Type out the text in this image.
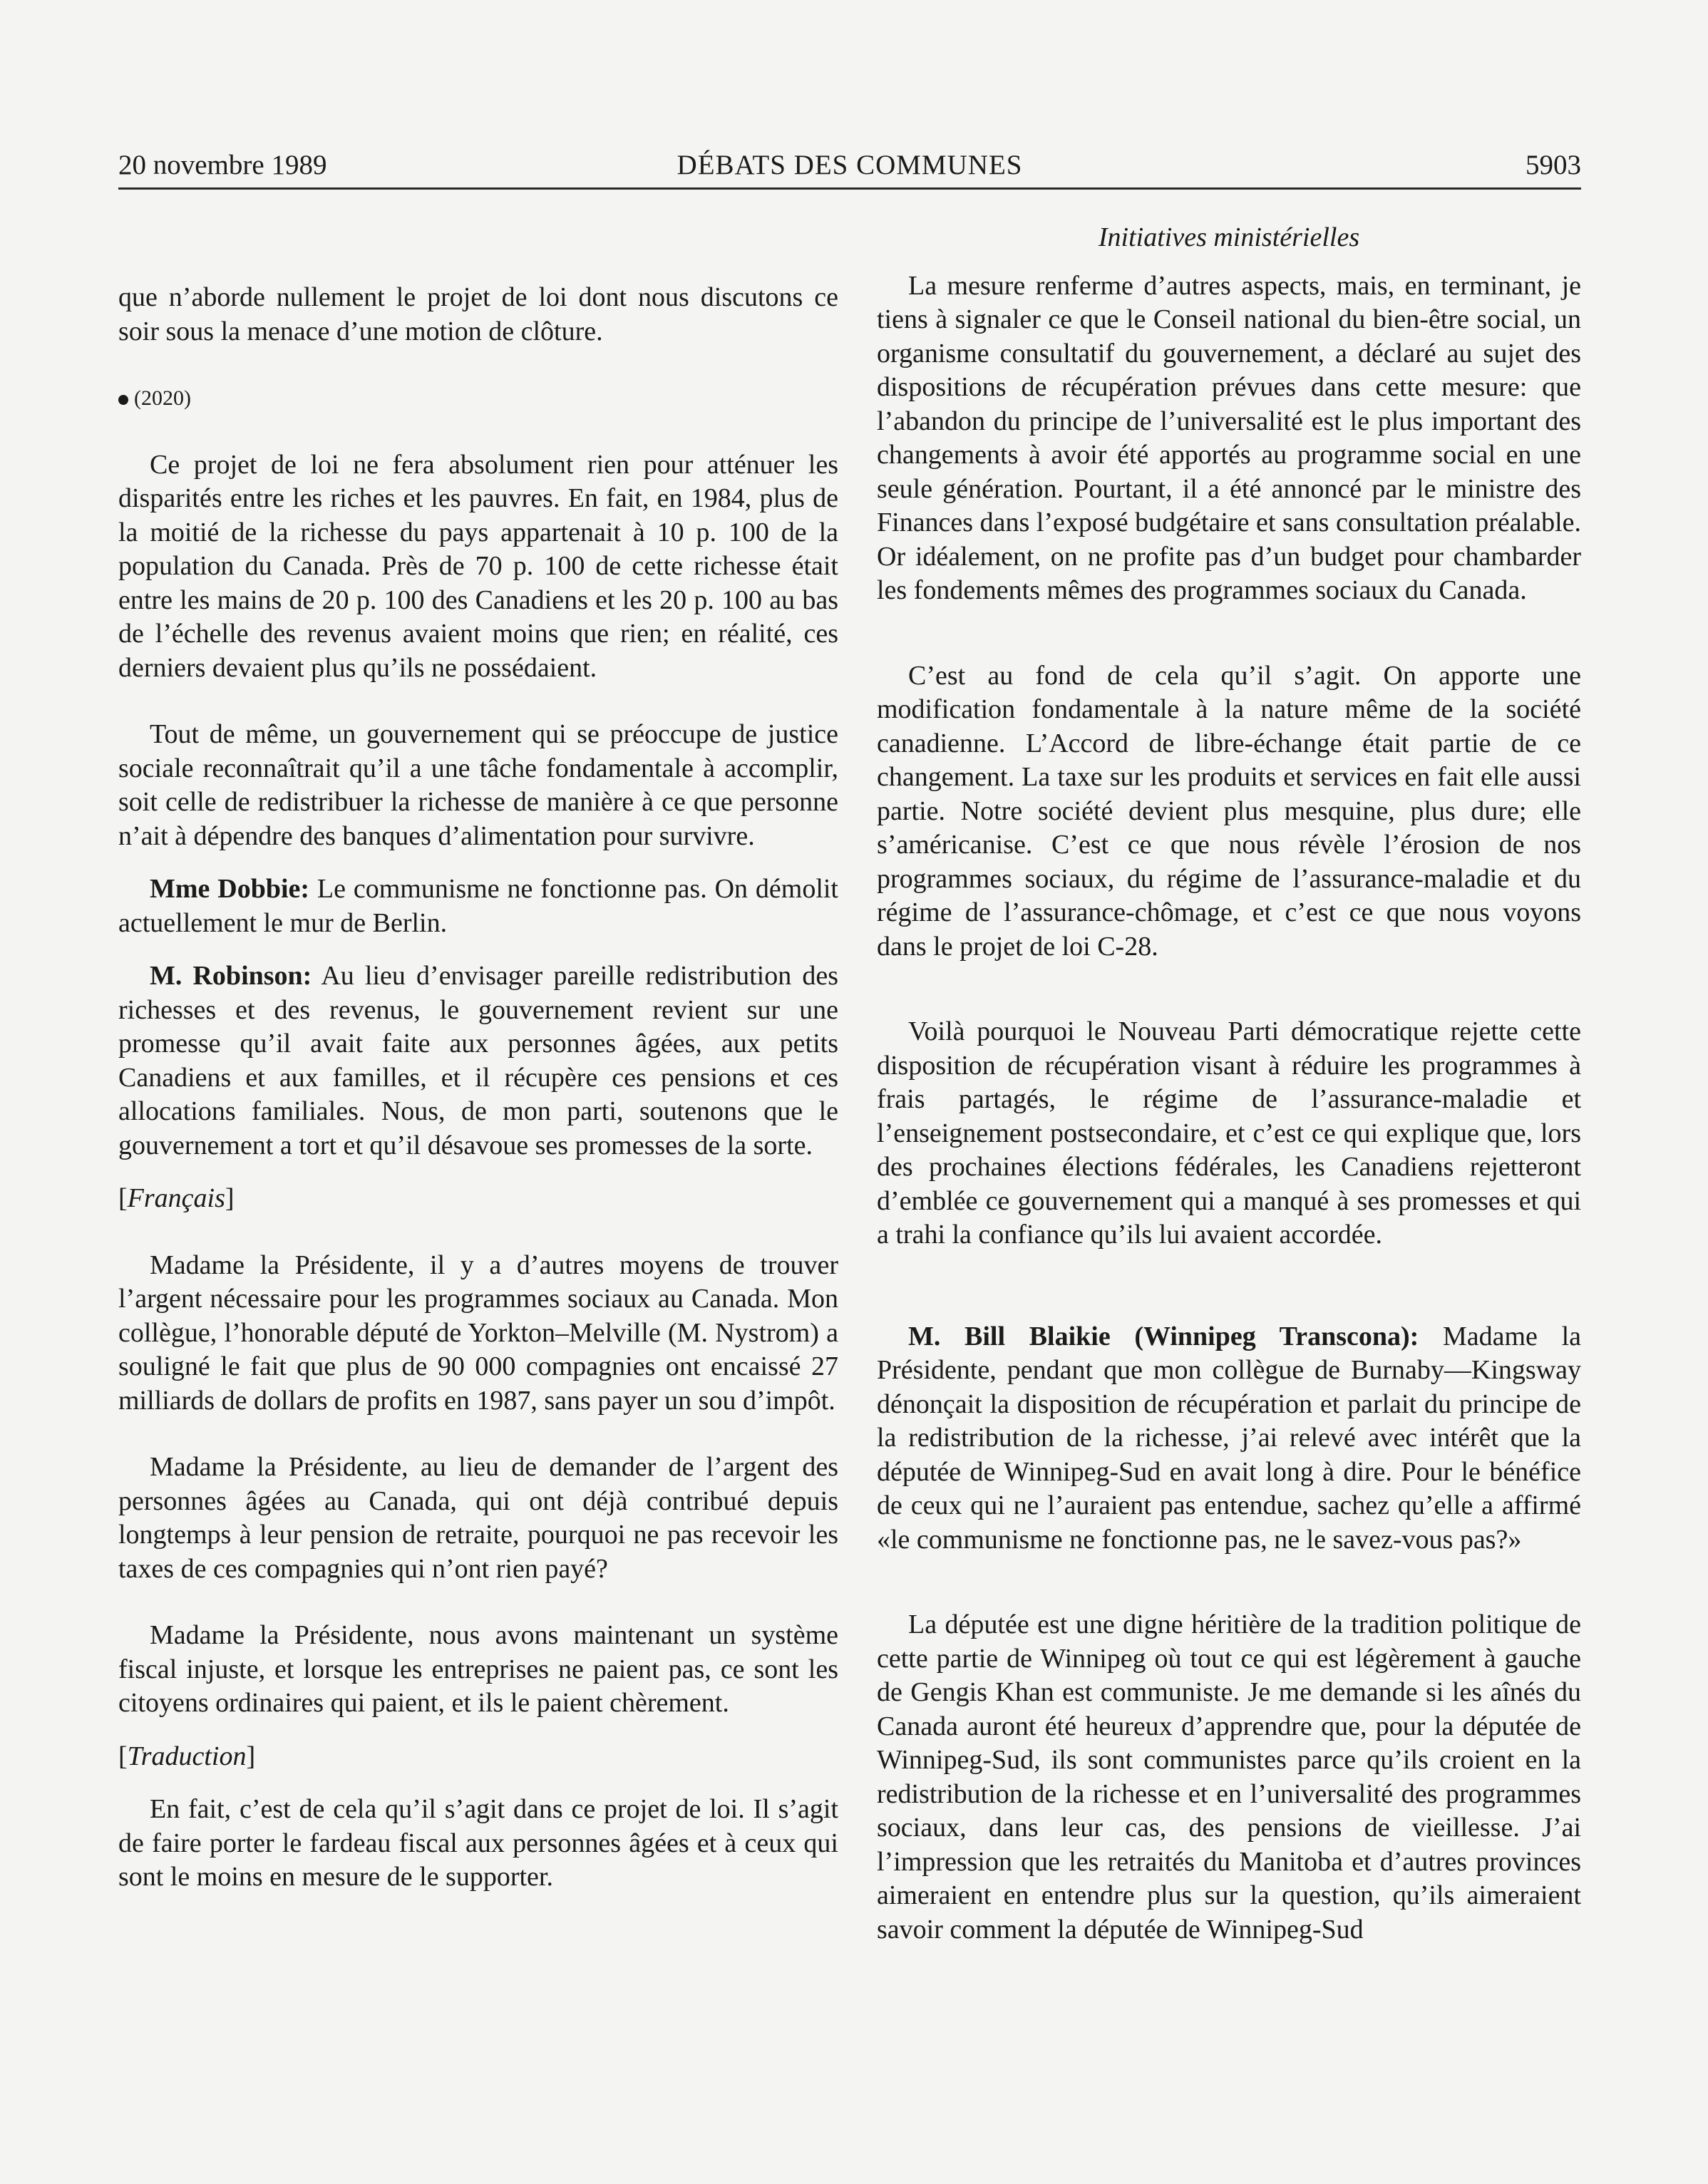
20 novembre 1989	DÉBATS DES COMMUNES	5903

que n’aborde nullement le projet de loi dont nous discutons ce soir sous la menace d’une motion de clôture.

(2020)

Ce projet de loi ne fera absolument rien pour atténuer les disparités entre les riches et les pauvres. En fait, en 1984, plus de la moitié de la richesse du pays appartenait à 10 p. 100 de la population du Canada. Près de 70 p. 100 de cette richesse était entre les mains de 20 p. 100 des Canadiens et les 20 p. 100 au bas de l’échelle des revenus avaient moins que rien; en réalité, ces derniers devaient plus qu’ils ne possédaient.

Tout de même, un gouvernement qui se préoccupe de justice sociale reconnaîtrait qu’il a une tâche fondamentale à accomplir, soit celle de redistribuer la richesse de manière à ce que personne n’ait à dépendre des banques d’alimentation pour survivre.

Mme Dobbie: Le communisme ne fonctionne pas. On démolit actuellement le mur de Berlin.

M. Robinson: Au lieu d’envisager pareille redistribution des richesses et des revenus, le gouvernement revient sur une promesse qu’il avait faite aux personnes âgées, aux petits Canadiens et aux familles, et il récupère ces pensions et ces allocations familiales. Nous, de mon parti, soutenons que le gouvernement a tort et qu’il désavoue ses promesses de la sorte.

[Français]

Madame la Présidente, il y a d’autres moyens de trouver l’argent nécessaire pour les programmes sociaux au Canada. Mon collègue, l’honorable député de Yorkton–Melville (M. Nystrom) a souligné le fait que plus de 90 000 compagnies ont encaissé 27 milliards de dollars de profits en 1987, sans payer un sou d’impôt.

Madame la Présidente, au lieu de demander de l’argent des personnes âgées au Canada, qui ont déjà contribué depuis longtemps à leur pension de retraite, pourquoi ne pas recevoir les taxes de ces compagnies qui n’ont rien payé?

Madame la Présidente, nous avons maintenant un système fiscal injuste, et lorsque les entreprises ne paient pas, ce sont les citoyens ordinaires qui paient, et ils le paient chèrement.

[Traduction]

En fait, c’est de cela qu’il s’agit dans ce projet de loi. Il s’agit de faire porter le fardeau fiscal aux personnes âgées et à ceux qui sont le moins en mesure de le supporter.

Initiatives ministérielles

La mesure renferme d’autres aspects, mais, en terminant, je tiens à signaler ce que le Conseil national du bien-être social, un organisme consultatif du gouvernement, a déclaré au sujet des dispositions de récupération prévues dans cette mesure: que l’abandon du principe de l’universalité est le plus important des changements à avoir été apportés au programme social en une seule génération. Pourtant, il a été annoncé par le ministre des Finances dans l’exposé budgétaire et sans consultation préalable. Or idéalement, on ne profite pas d’un budget pour chambarder les fondements mêmes des programmes sociaux du Canada.

C’est au fond de cela qu’il s’agit. On apporte une modification fondamentale à la nature même de la société canadienne. L’Accord de libre-échange était partie de ce changement. La taxe sur les produits et services en fait elle aussi partie. Notre société devient plus mesquine, plus dure; elle s’américanise. C’est ce que nous révèle l’érosion de nos programmes sociaux, du régime de l’assurance-maladie et du régime de l’assurance-chômage, et c’est ce que nous voyons dans le projet de loi C-28.

Voilà pourquoi le Nouveau Parti démocratique rejette cette disposition de récupération visant à réduire les programmes à frais partagés, le régime de l’assurance-maladie et l’enseignement postsecondaire, et c’est ce qui explique que, lors des prochaines élections fédérales, les Canadiens rejetteront d’emblée ce gouvernement qui a manqué à ses promesses et qui a trahi la confiance qu’ils lui avaient accordée.

M. Bill Blaikie (Winnipeg Transcona): Madame la Présidente, pendant que mon collègue de Burnaby—Kingsway dénonçait la disposition de récupération et parlait du principe de la redistribution de la richesse, j’ai relevé avec intérêt que la députée de Winnipeg-Sud en avait long à dire. Pour le bénéfice de ceux qui ne l’auraient pas entendue, sachez qu’elle a affirmé «le communisme ne fonctionne pas, ne le savez-vous pas?»

La députée est une digne héritière de la tradition politique de cette partie de Winnipeg où tout ce qui est légèrement à gauche de Gengis Khan est communiste. Je me demande si les aînés du Canada auront été heureux d’apprendre que, pour la députée de Winnipeg-Sud, ils sont communistes parce qu’ils croient en la redistribution de la richesse et en l’universalité des programmes sociaux, dans leur cas, des pensions de vieillesse. J’ai l’impression que les retraités du Manitoba et d’autres provinces aimeraient en entendre plus sur la question, qu’ils aimeraient savoir comment la députée de Winnipeg-Sud
